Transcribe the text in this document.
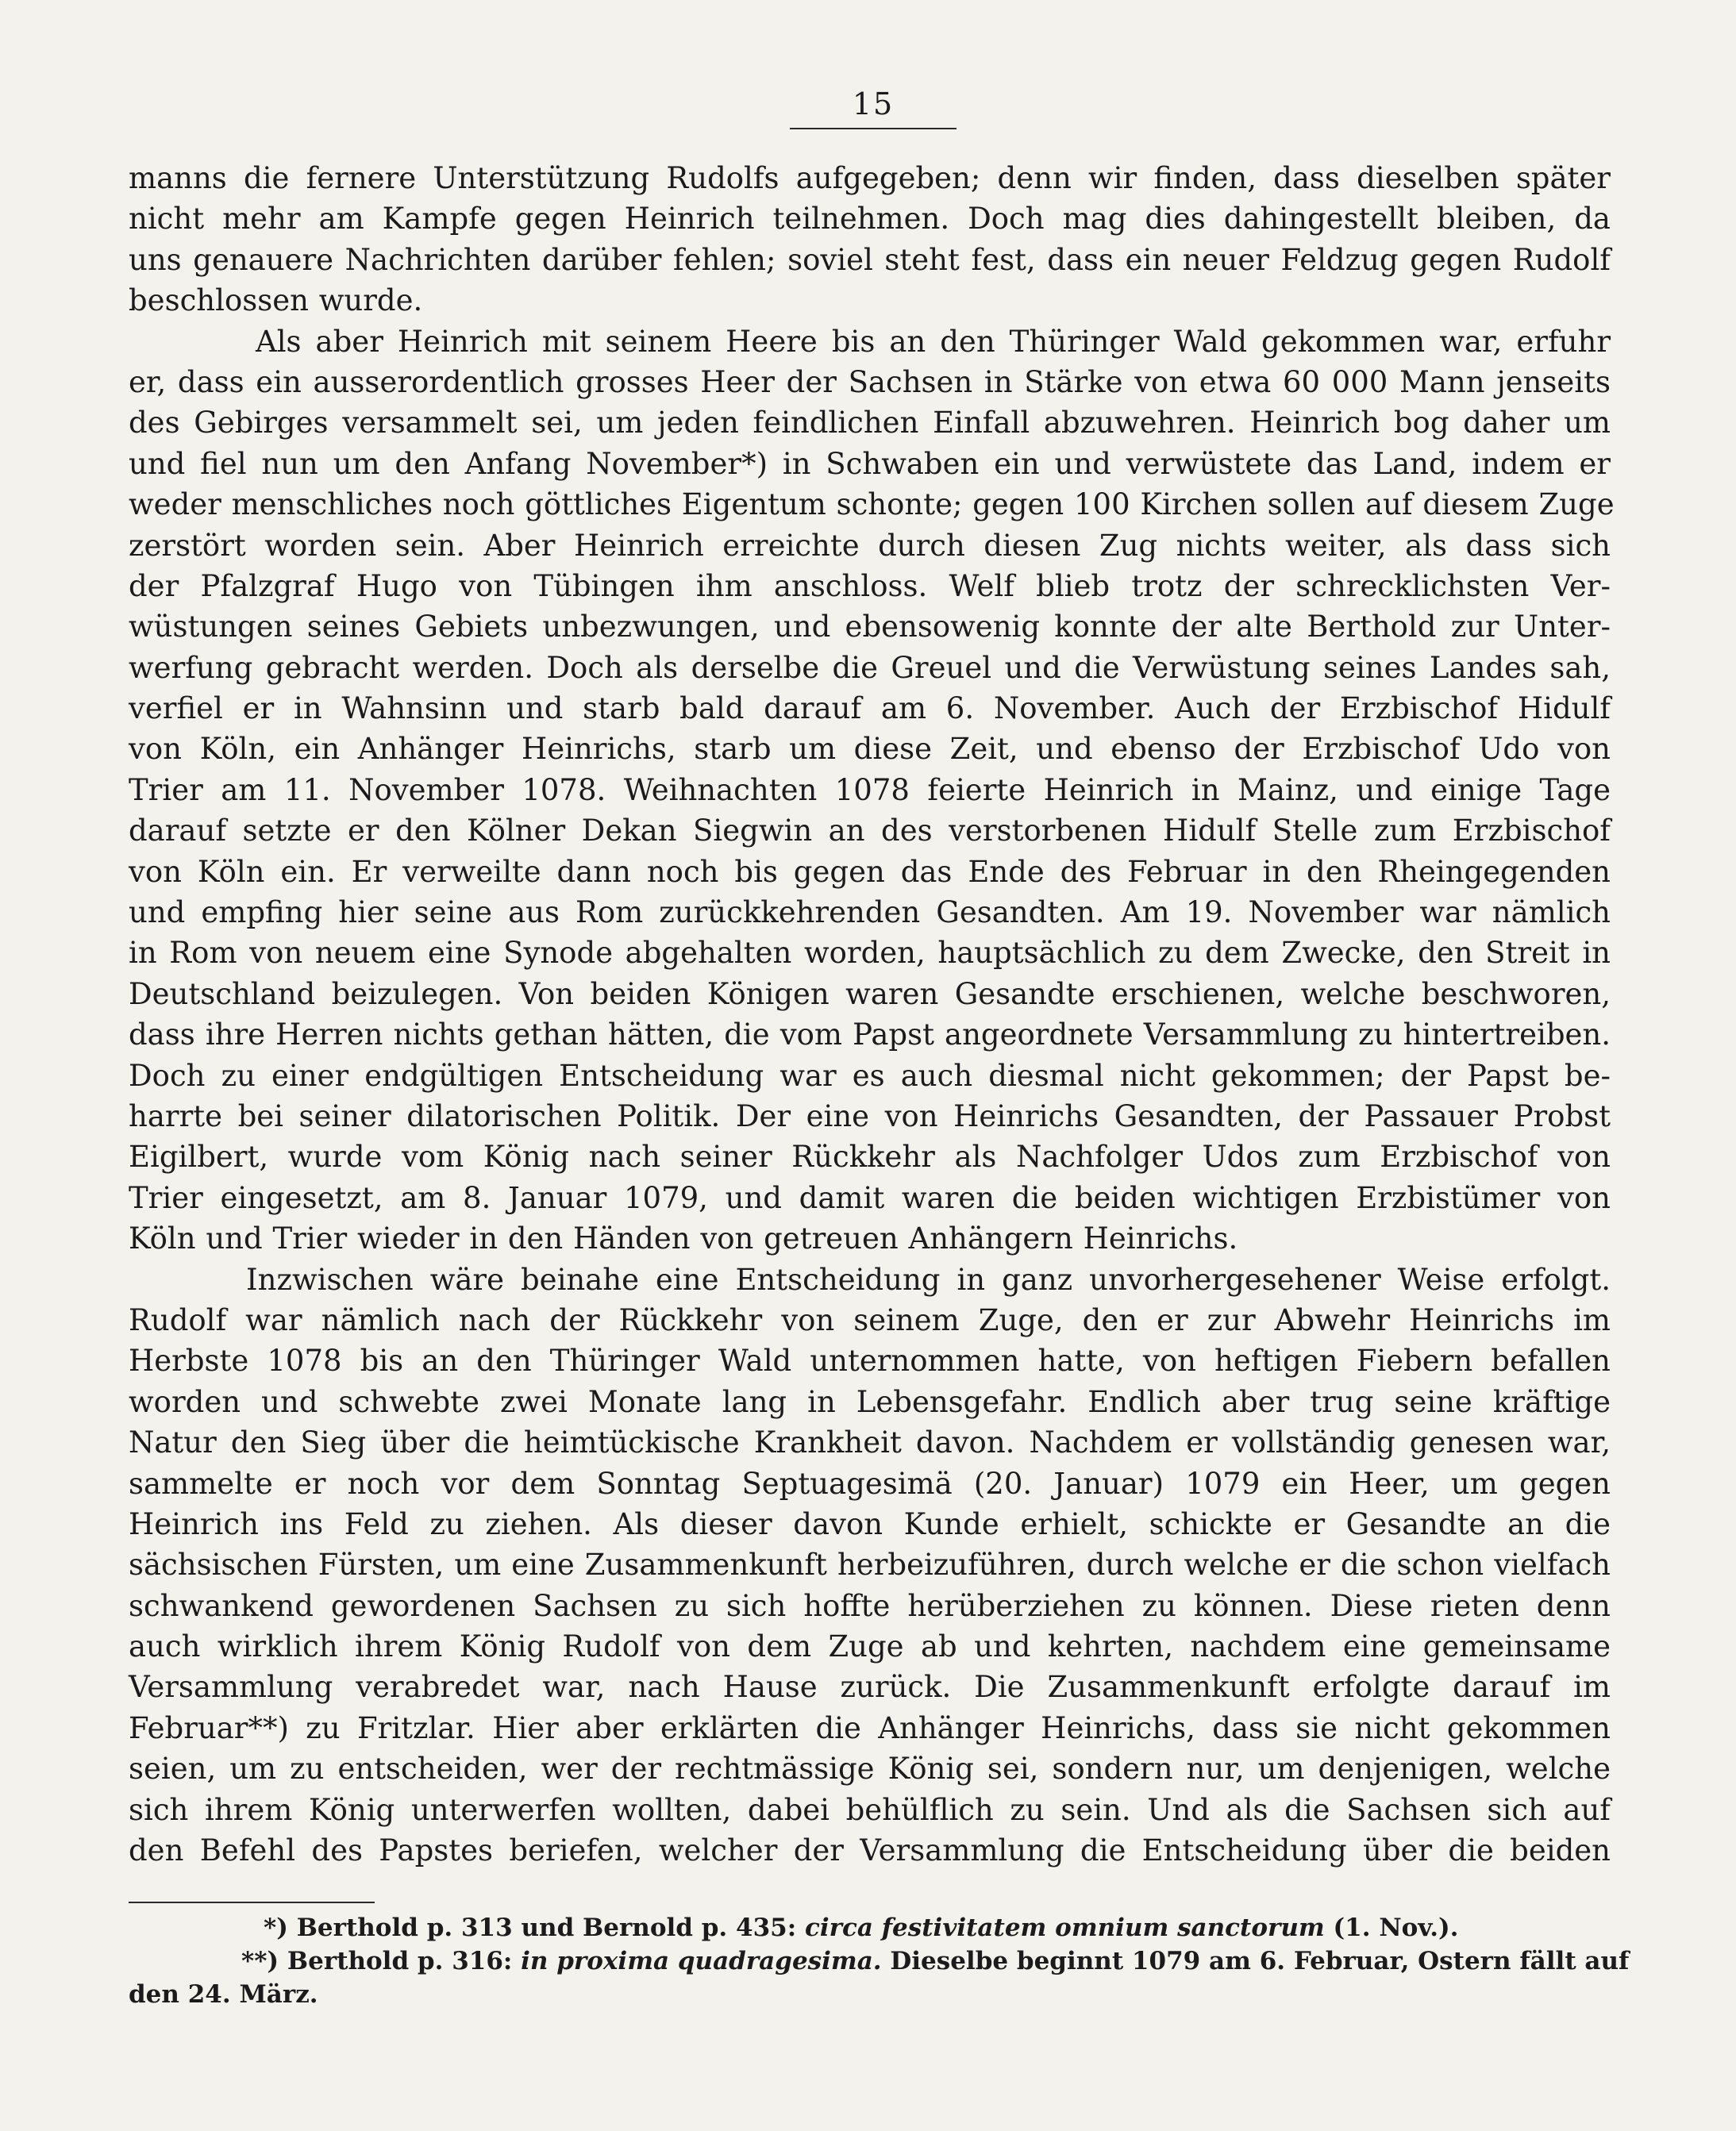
15
manns die fernere Unterstützung Rudolfs aufgegeben; denn wir finden, dass dieselben später
nicht mehr am Kampfe gegen Heinrich teilnehmen. Doch mag dies dahingestellt bleiben, da
uns genauere Nachrichten darüber fehlen; soviel steht fest, dass ein neuer Feldzug gegen Rudolf
beschlossen wurde.
Als aber Heinrich mit seinem Heere bis an den Thüringer Wald gekommen war, erfuhr
er, dass ein ausserordentlich grosses Heer der Sachsen in Stärke von etwa 60 000 Mann jenseits
des Gebirges versammelt sei, um jeden feindlichen Einfall abzuwehren. Heinrich bog daher um
und fiel nun um den Anfang November*) in Schwaben ein und verwüstete das Land, indem er
weder menschliches noch göttliches Eigentum schonte; gegen 100 Kirchen sollen auf diesem Zuge
zerstört worden sein. Aber Heinrich erreichte durch diesen Zug nichts weiter, als dass sich
der Pfalzgraf Hugo von Tübingen ihm anschloss. Welf blieb trotz der schrecklichsten Ver-
wüstungen seines Gebiets unbezwungen, und ebensowenig konnte der alte Berthold zur Unter-
werfung gebracht werden. Doch als derselbe die Greuel und die Verwüstung seines Landes sah,
verfiel er in Wahnsinn und starb bald darauf am 6. November. Auch der Erzbischof Hidulf
von Köln, ein Anhänger Heinrichs, starb um diese Zeit, und ebenso der Erzbischof Udo von
Trier am 11. November 1078. Weihnachten 1078 feierte Heinrich in Mainz, und einige Tage
darauf setzte er den Kölner Dekan Siegwin an des verstorbenen Hidulf Stelle zum Erzbischof
von Köln ein. Er verweilte dann noch bis gegen das Ende des Februar in den Rheingegenden
und empfing hier seine aus Rom zurückkehrenden Gesandten. Am 19. November war nämlich
in Rom von neuem eine Synode abgehalten worden, hauptsächlich zu dem Zwecke, den Streit in
Deutschland beizulegen. Von beiden Königen waren Gesandte erschienen, welche beschworen,
dass ihre Herren nichts gethan hätten, die vom Papst angeordnete Versammlung zu hintertreiben.
Doch zu einer endgültigen Entscheidung war es auch diesmal nicht gekommen; der Papst be-
harrte bei seiner dilatorischen Politik. Der eine von Heinrichs Gesandten, der Passauer Probst
Eigilbert, wurde vom König nach seiner Rückkehr als Nachfolger Udos zum Erzbischof von
Trier eingesetzt, am 8. Januar 1079, und damit waren die beiden wichtigen Erzbistümer von
Köln und Trier wieder in den Händen von getreuen Anhängern Heinrichs.
Inzwischen wäre beinahe eine Entscheidung in ganz unvorhergesehener Weise erfolgt.
Rudolf war nämlich nach der Rückkehr von seinem Zuge, den er zur Abwehr Heinrichs im
Herbste 1078 bis an den Thüringer Wald unternommen hatte, von heftigen Fiebern befallen
worden und schwebte zwei Monate lang in Lebensgefahr. Endlich aber trug seine kräftige
Natur den Sieg über die heimtückische Krankheit davon. Nachdem er vollständig genesen war,
sammelte er noch vor dem Sonntag Septuagesimä (20. Januar) 1079 ein Heer, um gegen
Heinrich ins Feld zu ziehen. Als dieser davon Kunde erhielt, schickte er Gesandte an die
sächsischen Fürsten, um eine Zusammenkunft herbeizuführen, durch welche er die schon vielfach
schwankend gewordenen Sachsen zu sich hoffte herüberziehen zu können. Diese rieten denn
auch wirklich ihrem König Rudolf von dem Zuge ab und kehrten, nachdem eine gemeinsame
Versammlung verabredet war, nach Hause zurück. Die Zusammenkunft erfolgte darauf im
Februar**) zu Fritzlar. Hier aber erklärten die Anhänger Heinrichs, dass sie nicht gekommen
seien, um zu entscheiden, wer der rechtmässige König sei, sondern nur, um denjenigen, welche
sich ihrem König unterwerfen wollten, dabei behülflich zu sein. Und als die Sachsen sich auf
den Befehl des Papstes beriefen, welcher der Versammlung die Entscheidung über die beiden
*) Berthold p. 313 und Bernold p. 435: circa festivitatem omnium sanctorum (1. Nov.).
**) Berthold p. 316: in proxima quadragesima. Dieselbe beginnt 1079 am 6. Februar, Ostern fällt auf
den 24. März.
